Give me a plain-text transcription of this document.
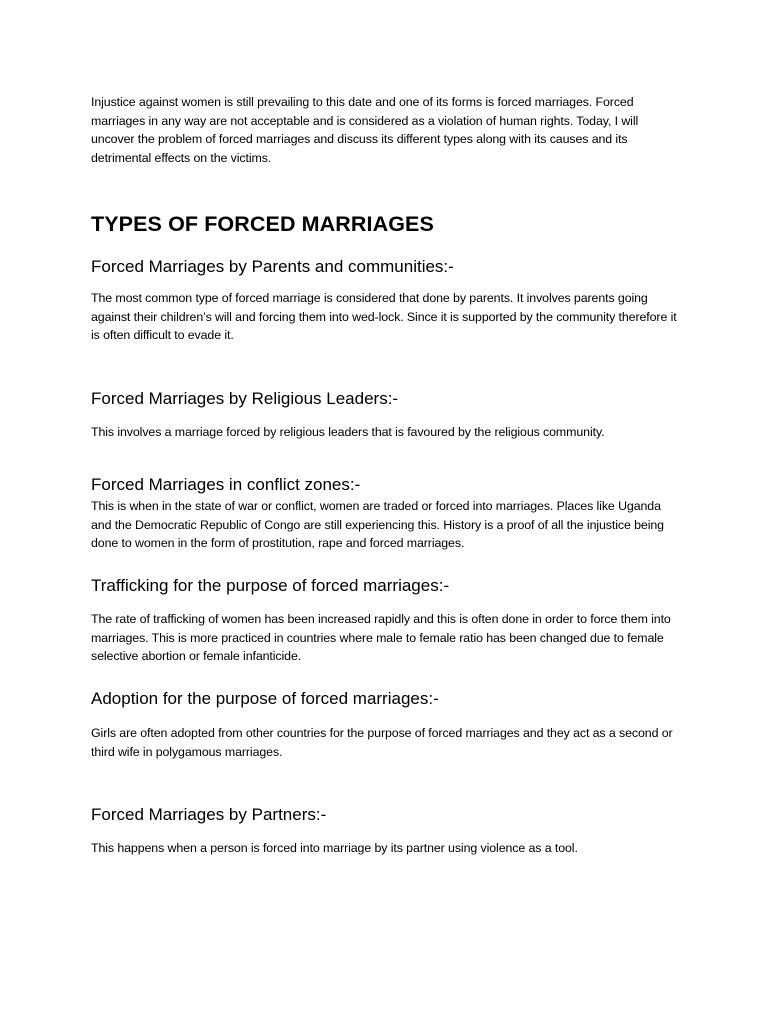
Injustice against women is still prevailing to this date and one of its forms is forced marriages. Forced marriages in any way are not acceptable and is considered as a violation of human rights. Today, I will uncover the problem of forced marriages and discuss its different types along with its causes and its detrimental effects on the victims.

TYPES OF FORCED MARRIAGES
Forced Marriages by Parents and communities:-

The most common type of forced marriage is considered that done by parents. It involves parents going against their children’s will and forcing them into wed-lock. Since it is supported by the community therefore it is often difficult to evade it.

Forced Marriages by Religious Leaders:-

This involves a marriage forced by religious leaders that is favoured by the religious community.

Forced Marriages in conflict zones:-

This is when in the state of war or conflict, women are traded or forced into marriages. Places like Uganda and the Democratic Republic of Congo are still experiencing this. History is a proof of all the injustice being done to women in the form of prostitution, rape and forced marriages.

Trafficking for the purpose of forced marriages:-

The rate of trafficking of women has been increased rapidly and this is often done in order to force them into marriages. This is more practiced in countries where male to female ratio has been changed due to female selective abortion or female infanticide.

Adoption for the purpose of forced marriages:-

Girls are often adopted from other countries for the purpose of forced marriages and they act as a second or third wife in polygamous marriages.

Forced Marriages by Partners:-

This happens when a person is forced into marriage by its partner using violence as a tool.
